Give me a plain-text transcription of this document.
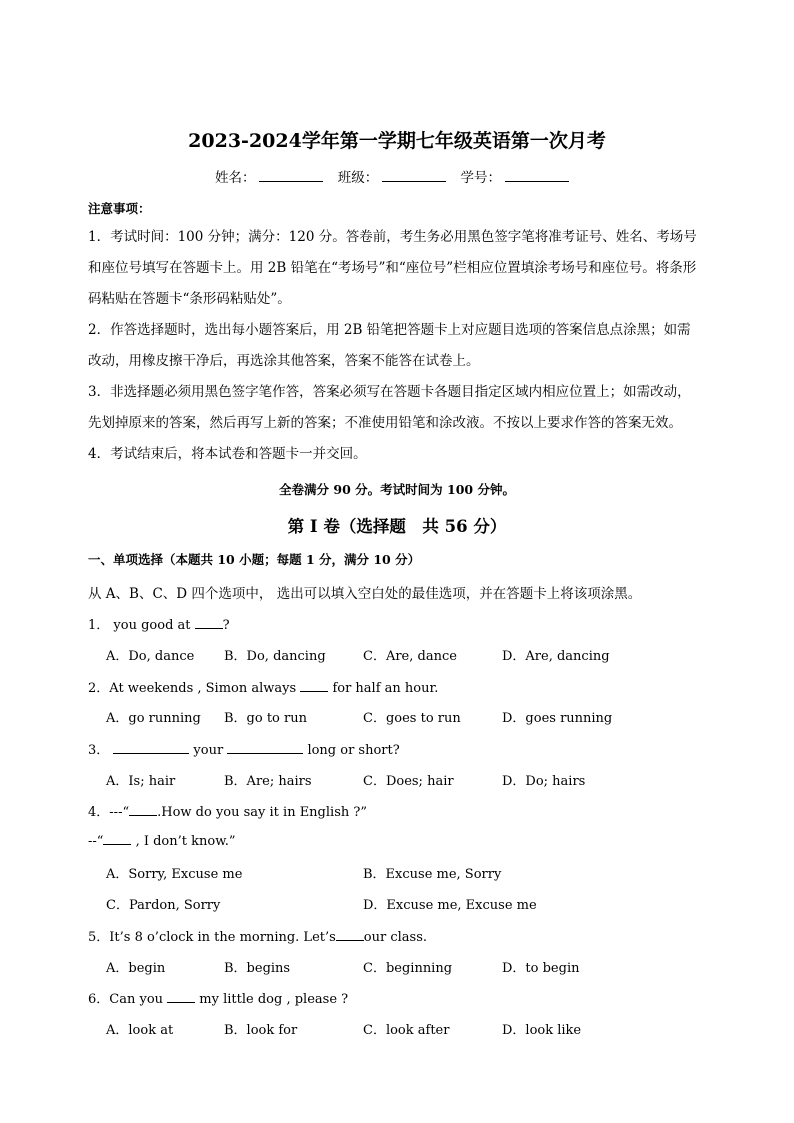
2023-2024学年第一学期七年级英语第一次月考
姓名：	班级：	学号：
注意事项：
1．考试时间：100 分钟；满分：120 分。答卷前，考生务必用黑色签字笔将准考证号、姓名、考场号
和座位号填写在答题卡上。用 2B 铅笔在“考场号”和“座位号”栏相应位置填涂考场号和座位号。将条形
码粘贴在答题卡“条形码粘贴处”。
2．作答选择题时，选出每小题答案后，用 2B 铅笔把答题卡上对应题目选项的答案信息点涂黑；如需
改动，用橡皮擦干净后，再选涂其他答案，答案不能答在试卷上。
3．非选择题必须用黑色签字笔作答，答案必须写在答题卡各题目指定区域内相应位置上；如需改动，
先划掉原来的答案，然后再写上新的答案；不准使用铅笔和涂改液。不按以上要求作答的答案无效。
4．考试结束后，将本试卷和答题卡一并交回。
全卷满分 90 分。考试时间为 100 分钟。
第 I 卷（选择题　共 56 分）
一、单项选择（本题共 10 小题；每题 1 分，满分 10 分）
从 A、B、C、D 四个选项中， 选出可以填入空白处的最佳选项，并在答题卡上将该项涂黑。
1． you good at ?
A．Do, dance B．Do, dancing	C．Are, dance	D．Are, dancing
2．At weekends , Simon always  for half an hour.
A．go running B．go to run	C．goes to run	D．goes running
3．	your	long or short?
A．Is; hair	B．Are; hairs	C．Does; hair	D．Do; hairs
4．---“ .How do you say it in English ?”
--“ , I don’t know.”
A．Sorry, Excuse me	B．Excuse me, Sorry
C．Pardon, Sorry	D．Excuse me, Excuse me
5．It’s 8 o’clock in the morning. Let’s our class.
A．begin	B．begins	C．beginning	D．to begin
6．Can you  my little dog , please ?
A．look at	B．look for	C．look after	D．look like
